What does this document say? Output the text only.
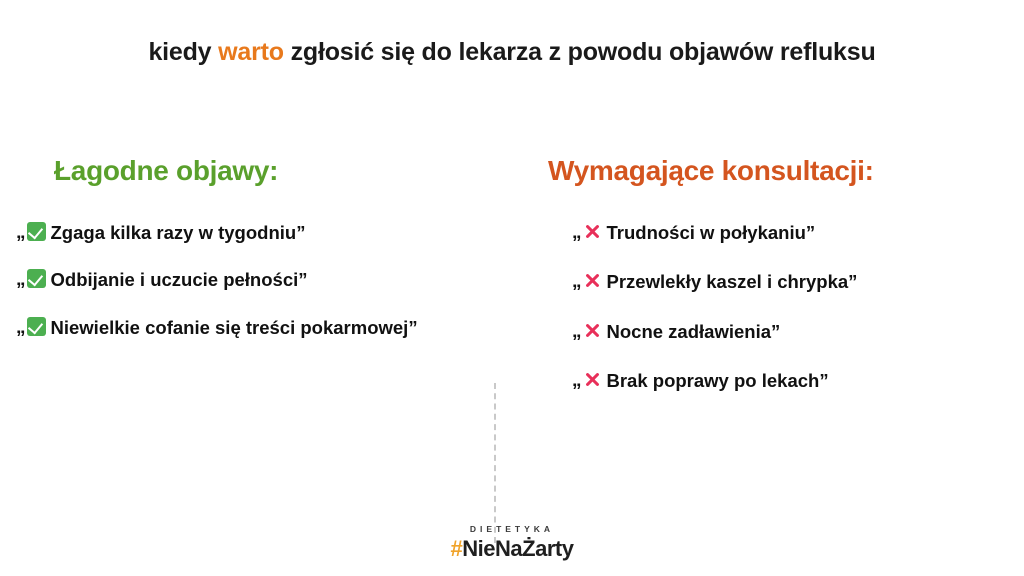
kiedy warto zgłosić się do lekarza z powodu objawów refluksu
Łagodne objawy:
„ Zgaga kilka razy w tygodniu”
„ Odbijanie i uczucie pełności”
„ Niewielkie cofanie się treści pokarmowej”
Wymagające konsultacji:
„ Trudności w połykaniu”
„ Przewlekły kaszel i chrypka”
„ Nocne zadławienia”
„ Brak poprawy po lekach”
DIETETYKA
#NieNaŻarty
